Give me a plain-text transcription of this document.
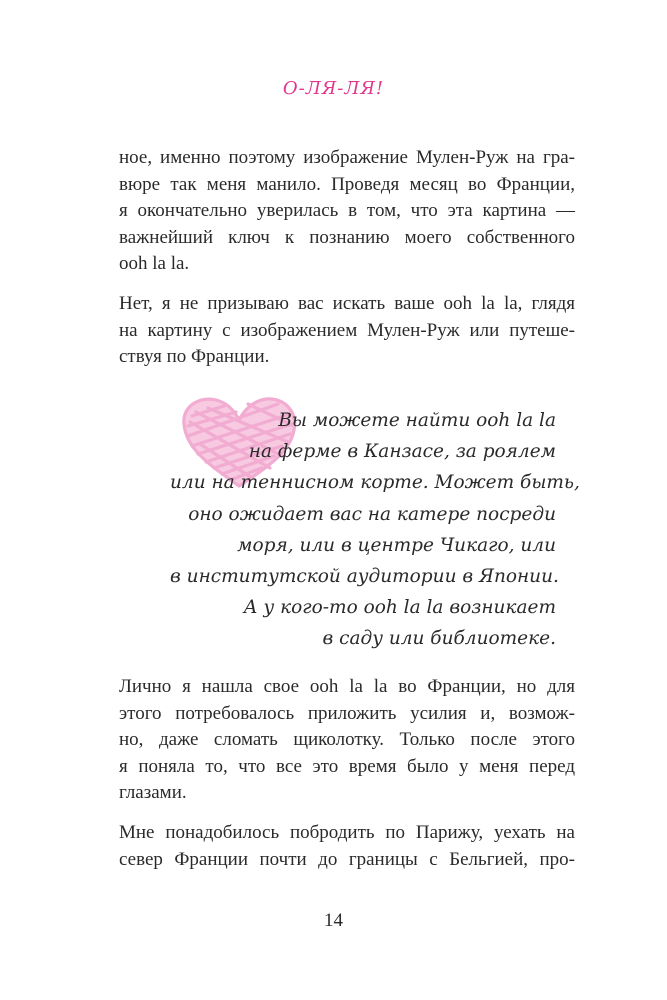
О-ЛЯ-ЛЯ!

ное, именно поэтому изображение Мулен-Руж на гра-
вюре так меня манило. Проведя месяц во Франции,
я окончательно уверилась в том, что эта картина —
важнейший ключ к познанию моего собственного
ooh la la.

Нет, я не призываю вас искать ваше ooh la la, глядя
на картину с изображением Мулен-Руж или путеше-
ствуя по Франции.

Вы можете найти ooh la la
на ферме в Канзасе, за роялем
или на теннисном корте. Может быть,
оно ожидает вас на катере посреди
моря, или в центре Чикаго, или
в институтской аудитории в Японии.
А у кого-то ooh la la возникает
в саду или библиотеке.

Лично я нашла свое ooh la la во Франции, но для
этого потребовалось приложить усилия и, возмож-
но, даже сломать щиколотку. Только после этого
я поняла то, что все это время было у меня перед
глазами.

Мне понадобилось побродить по Парижу, уехать на
север Франции почти до границы с Бельгией, про-

14
